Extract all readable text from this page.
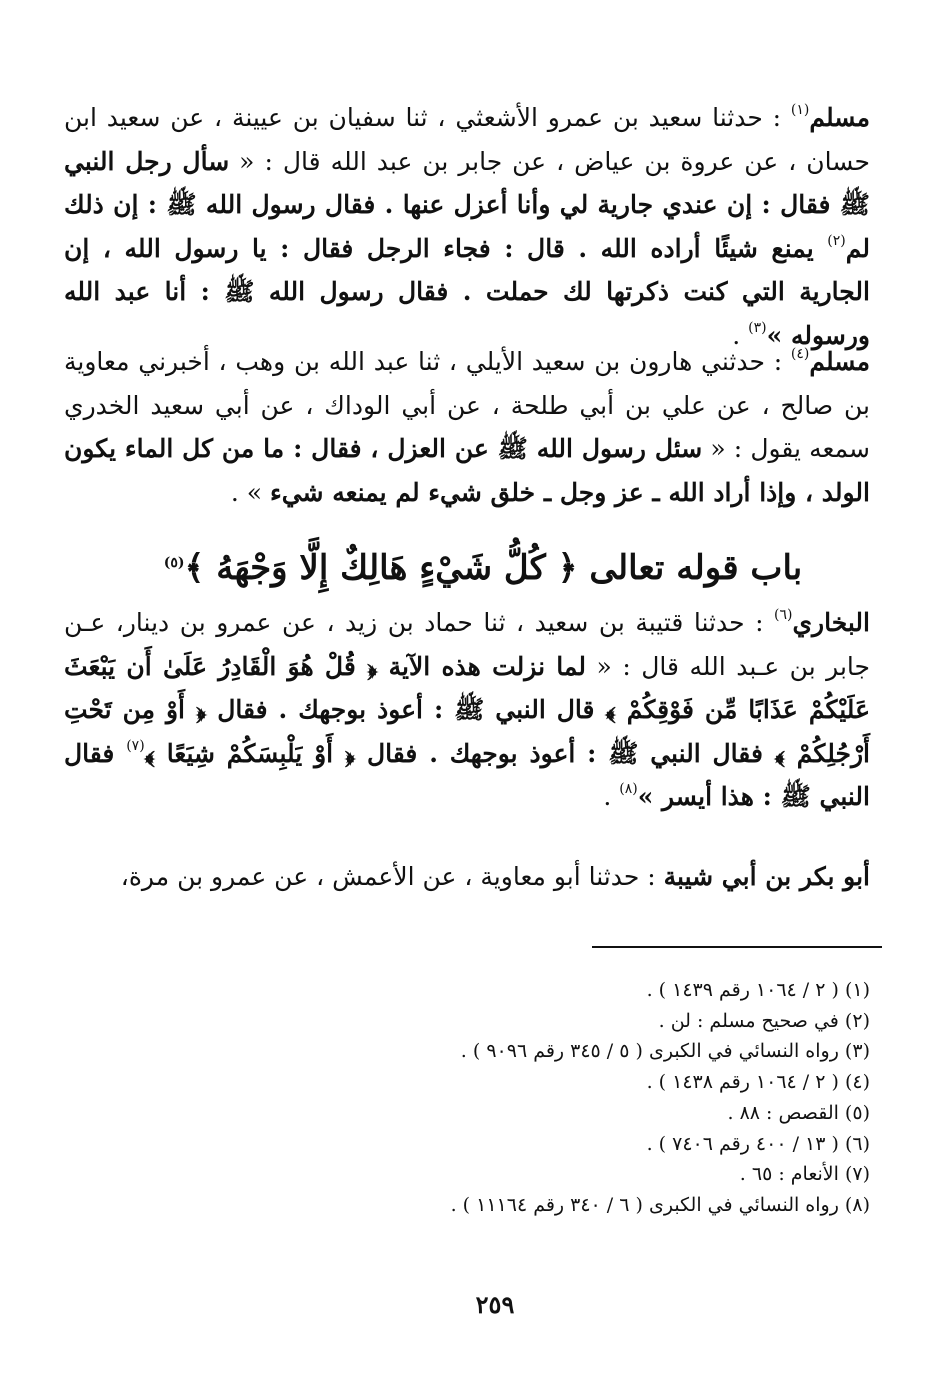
مسلم$^{(١)}$ : حدثنا سعيد بن عمرو الأشعثي ، ثنا سفيان بن عيينة ، عن سعيد ابن حسان ، عن عروة بن عياض ، عن جابر بن عبد الله قال : « سأل رجل النبي ﷺ فقال : إن عندي جارية لي وأنا أعزل عنها . فقال رسول الله ﷺ : إن ذلك لم$^{(٢)}$ يمنع شيئًا أراده الله . قال : فجاء الرجل فقال : يا رسول الله ، إن الجارية التي كنت ذكرتها لك حملت . فقال رسول الله ﷺ : أنا عبد الله ورسوله »$^{(٣)}$ .

مسلم$^{(٤)}$ : حدثني هارون بن سعيد الأيلي ، ثنا عبد الله بن وهب ، أخبرني معاوية بن صالح ، عن علي بن أبي طلحة ، عن أبي الوداك ، عن أبي سعيد الخدري سمعه يقول : « سئل رسول الله ﷺ عن العزل ، فقال : ما من كل الماء يكون الولد ، وإذا أراد الله ـ عز وجل ـ خلق شيء لم يمنعه شيء » .

باب قوله تعالى ﴿ كُلُّ شَيْءٍ هَالِكٌ إِلَّا وَجْهَهُ ﴾$^{(٥)}$

البخاري$^{(٦)}$ : حدثنا قتيبة بن سعيد ، ثنا حماد بن زيد ، عن عمرو بن دينار، عـن جابر بن عـبد الله قال : « لما نزلت هذه الآية ﴿ قُلْ هُوَ الْقَادِرُ عَلَىٰ أَن يَبْعَثَ عَلَيْكُمْ عَذَابًا مِّن فَوْقِكُمْ ﴾ قال النبي ﷺ : أعوذ بوجهك . فقال ﴿ أَوْ مِن تَحْتِ أَرْجُلِكُمْ ﴾ فقال النبي ﷺ : أعوذ بوجهك . فقال ﴿ أَوْ يَلْبِسَكُمْ شِيَعًا ﴾$^{(٧)}$ فقال النبي ﷺ : هذا أيسر »$^{(٨)}$ .

أبو بكر بن أبي شيبة : حدثنا أبو معاوية ، عن الأعمش ، عن عمرو بن مرة،

(١) ( ٢ / ١٠٦٤ رقم ١٤٣٩ ) .
(٢) في صحيح مسلم : لن .
(٣) رواه النسائي في الكبرى ( ٥ / ٣٤٥ رقم ٩٠٩٦ ) .
(٤) ( ٢ / ١٠٦٤ رقم ١٤٣٨ ) .
(٥) القصص : ٨٨ .
(٦) ( ١٣ / ٤٠٠ رقم ٧٤٠٦ ) .
(٧) الأنعام : ٦٥ .
(٨) رواه النسائي في الكبرى ( ٦ / ٣٤٠ رقم ١١١٦٤ ) .
٢٥٩
